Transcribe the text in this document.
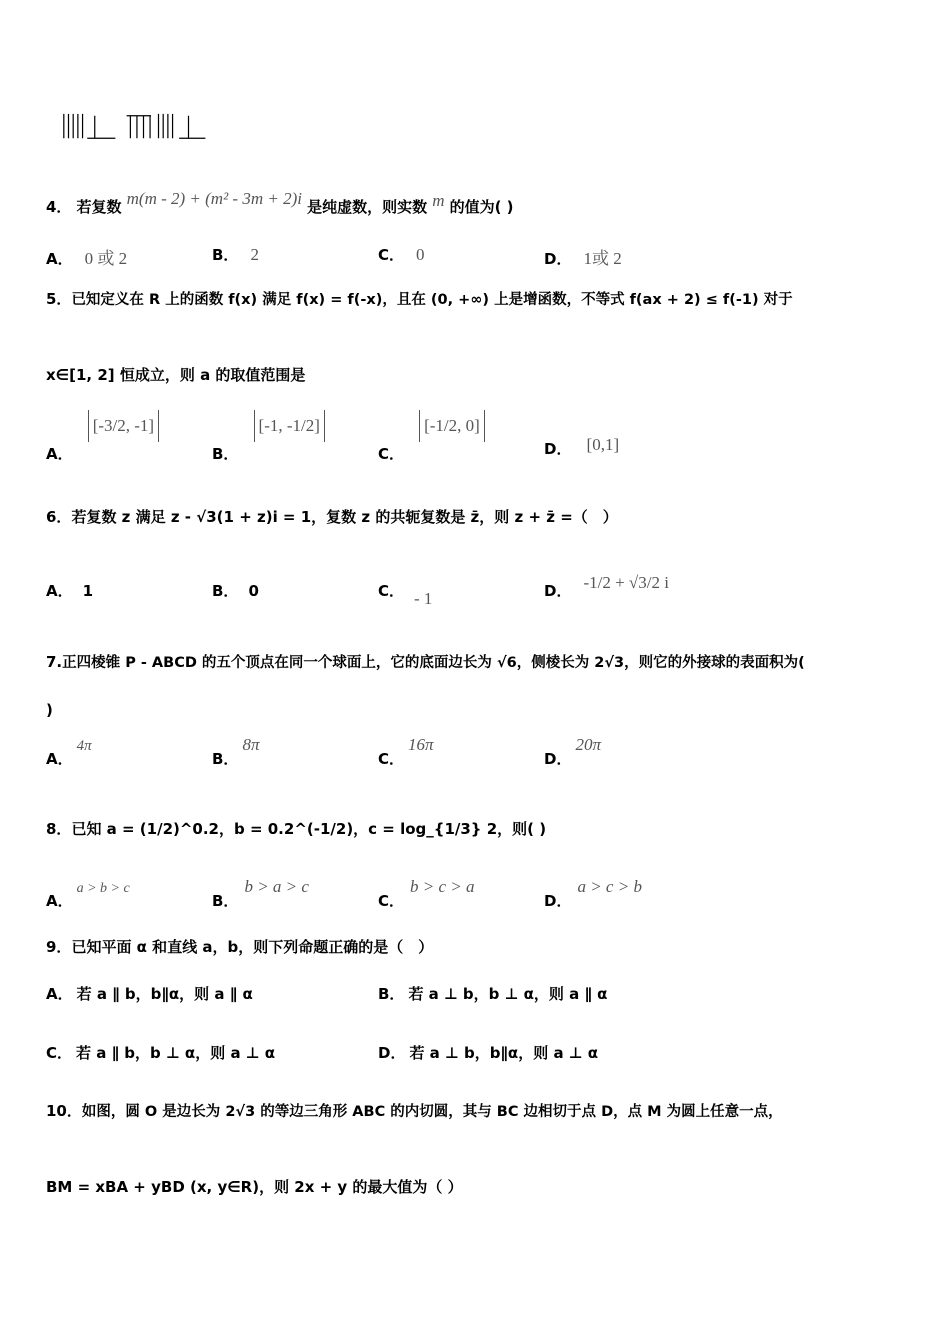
4． 若复数 m(m - 2) + (m² - 3m + 2)i 是纯虚数，则实数 m 的值为( )
A． 0 或 2	B． 2	C． 0	D． 1或 2
5．已知定义在 R 上的函数 f(x) 满足 f(x) = f(-x)，且在 (0, +∞) 上是增函数，不等式 f(ax + 2) ≤ f(-1) 对于
x∈[1, 2] 恒成立，则 a 的取值范围是
A． [-3/2, -1]
B． [-1, -1/2]
C． [-1/2, 0]
D． [0,1]
6．若复数 z 满足 z - √3(1 + z)i = 1，复数 z 的共轭复数是 z̄，则 z + z̄ =（　）
A． 1	B． 0	C． - 1	D． -1/2 + √3/2 i
7.正四棱锥 P - ABCD 的五个顶点在同一个球面上，它的底面边长为 √6，侧棱长为 2√3，则它的外接球的表面积为(
)
A．4π
B．8π
C．16π
D．20π
8．已知 a = (1/2)^0.2，b = 0.2^(-1/2)，c = log_{1/3} 2，则( )
A．a > b > c
B．b > a > c
C．b > c > a
D．a > c > b
9．已知平面 α 和直线 a，b，则下列命题正确的是（　）
A． 若 a ∥ b，b∥α，则 a ∥ α	B． 若 a ⊥ b，b ⊥ α，则 a ∥ α
C． 若 a ∥ b，b ⊥ α，则 a ⊥ α	D． 若 a ⊥ b，b∥α，则 a ⊥ α
10．如图，圆 O 是边长为 2√3 的等边三角形 ABC 的内切圆，其与 BC 边相切于点 D，点 M 为圆上任意一点，
BM = xBA + yBD (x, y∈R)，则 2x + y 的最大值为（ ）
